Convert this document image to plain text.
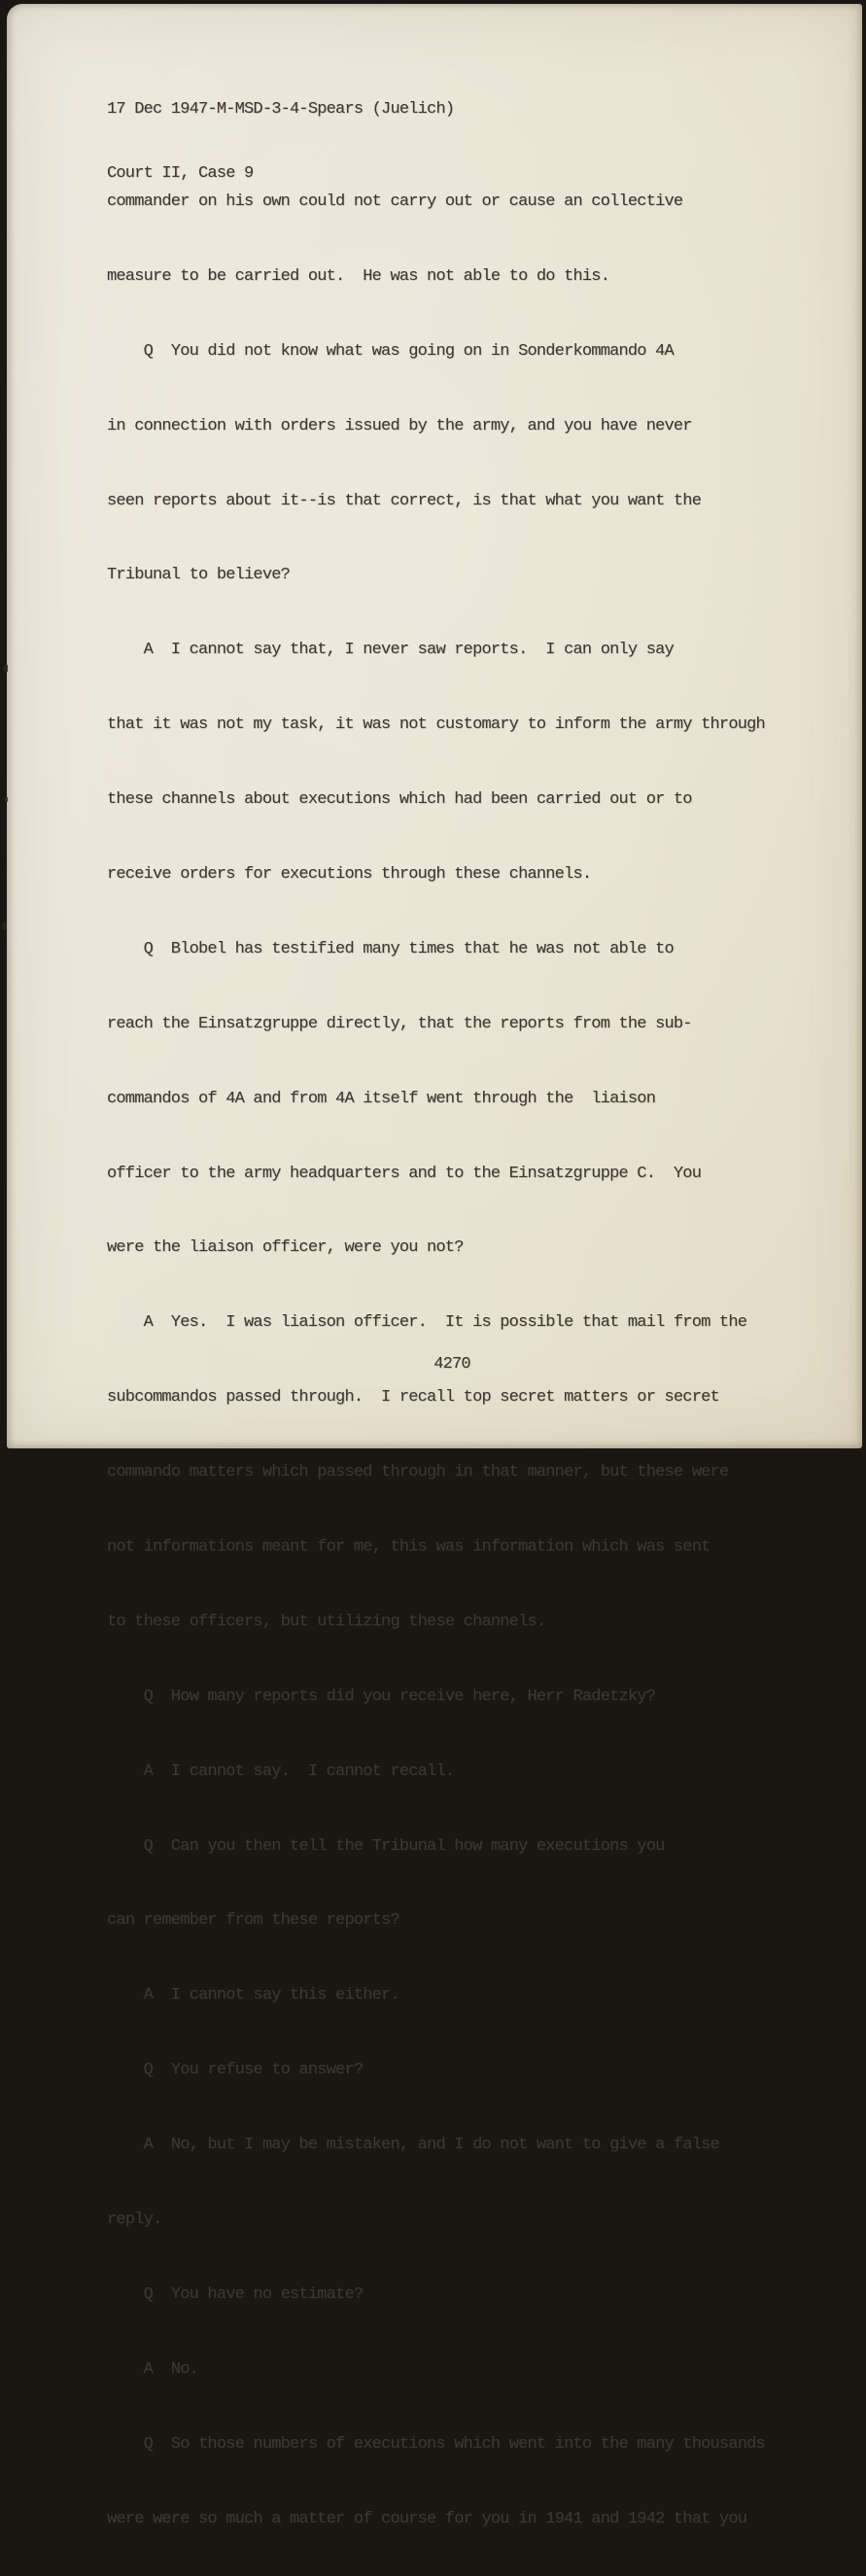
17 Dec 1947-M-MSD-3-4-Spears (Juelich)

Court II, Case 9

commander on his own could not carry out or cause an collective

measure to be carried out.  He was not able to do this.

Q  You did not know what was going on in Sonderkommando 4A

in connection with orders issued by the army, and you have never

seen reports about it--is that correct, is that what you want the

Tribunal to believe?

A  I cannot say that, I never saw reports.  I can only say

that it was not my task, it was not customary to inform the army through

these channels about executions which had been carried out or to

receive orders for executions through these channels.

Q  Blobel has testified many times that he was not able to

reach the Einsatzgruppe directly, that the reports from the sub-

commandos of 4A and from 4A itself went through the  liaison

officer to the army headquarters and to the Einsatzgruppe C.  You

were the liaison officer, were you not?

A  Yes.  I was liaison officer.  It is possible that mail from the

subcommandos passed through.  I recall top secret matters or secret

commando matters which passed through in that manner, but these were

not informations meant for me, this was information which was sent

to these officers, but utilizing these channels.

Q  How many reports did you receive here, Herr Radetzky?

A  I cannot say.  I cannot recall.

Q  Can you then tell the Tribunal how many executions you

can remember from these reports?

A  I cannot say this either.

Q  You refuse to answer?

A  No, but I may be mistaken, and I do not want to give a false

reply.

Q  You have no estimate?

A  No.

Q  So those numbers of executions which went into the many thousands

were were so much a matter of course for you in 1941 and 1942 that you

4270
